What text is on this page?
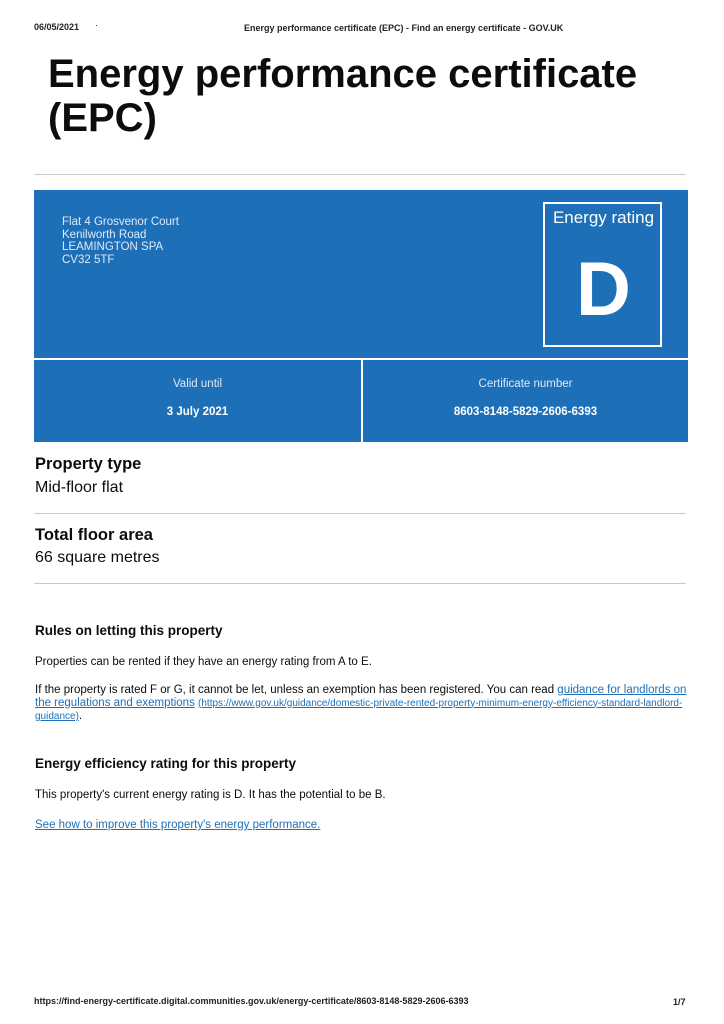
06/05/2021 ·	Energy performance certificate (EPC) - Find an energy certificate - GOV.UK
Energy performance certificate (EPC)
Flat 4 Grosvenor Court
Kenilworth Road
LEAMINGTON SPA
CV32 5TF
Energy rating
D
Valid until
3 July 2021
Certificate number
8603-8148-5829-2606-6393
Property type
Mid-floor flat
Total floor area
66 square metres
Rules on letting this property
Properties can be rented if they have an energy rating from A to E.
If the property is rated F or G, it cannot be let, unless an exemption has been registered. You can read guidance for landlords on the regulations and exemptions (https://www.gov.uk/guidance/domestic-private-rented-property-minimum-energy-efficiency-standard-landlord-guidance).
Energy efficiency rating for this property
This property's current energy rating is D. It has the potential to be B.
See how to improve this property's energy performance.
https://find-energy-certificate.digital.communities.gov.uk/energy-certificate/8603-8148-5829-2606-6393	1/7
